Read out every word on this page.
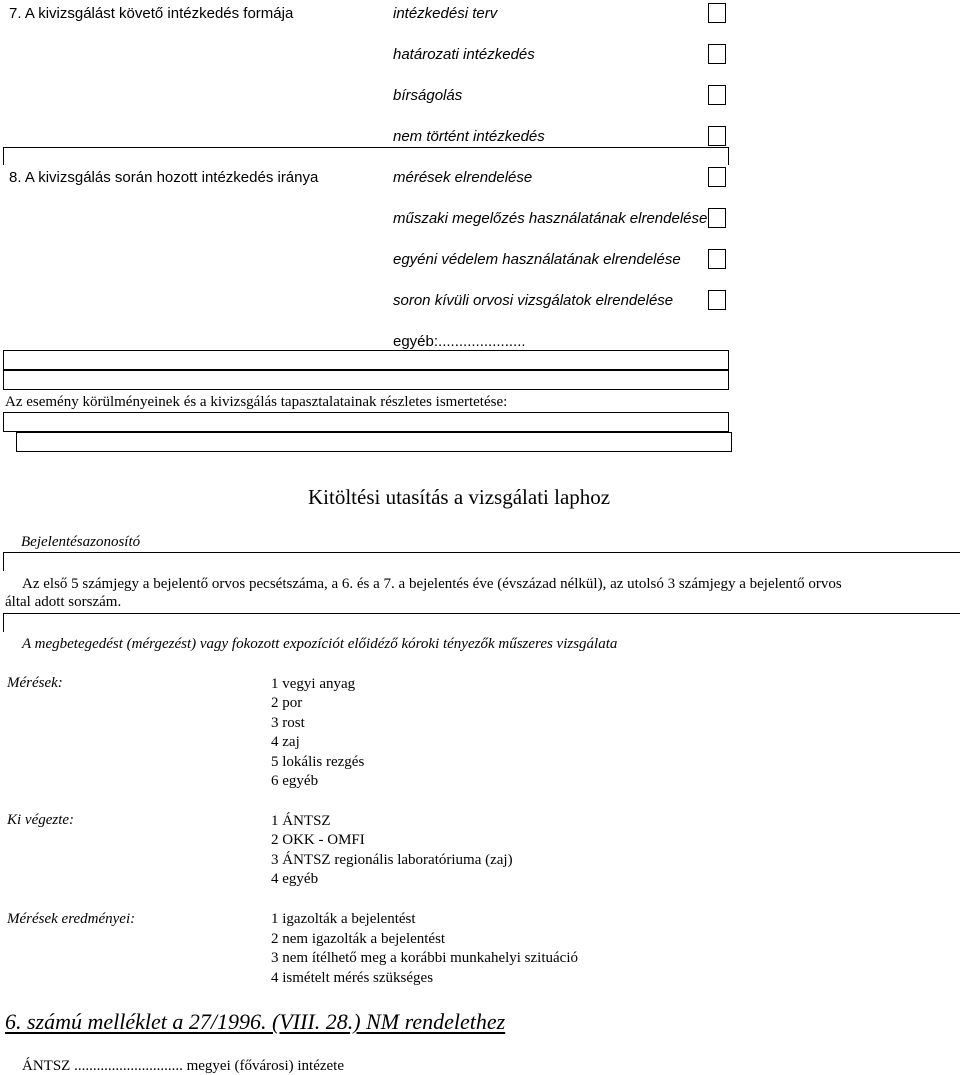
7. A kivizsgálást követő intézkedés formája	intézkedési terv
határozati intézkedés
bírságolás
nem történt intézkedés
8. A kivizsgálás során hozott intézkedés iránya	mérések elrendelése
műszaki megelőzés használatának elrendelése
egyéni védelem használatának elrendelése
soron kívüli orvosi vizsgálatok elrendelése
egyéb:.....................
Az esemény körülményeinek és a kivizsgálás tapasztalatainak részletes ismertetése:
Kitöltési utasítás a vizsgálati laphoz
Bejelentésazonosító
Az első 5 számjegy a bejelentő orvos pecsétszáma, a 6. és a 7. a bejelentés éve (évszázad nélkül), az utolsó 3 számjegy a bejelentő orvos
által adott sorszám.
A megbetegedést (mérgezést) vagy fokozott expozíciót előidéző kóroki tényezők műszeres vizsgálata
Mérések:	1 vegyi anyag
2 por
3 rost
4 zaj
5 lokális rezgés
6 egyéb
Ki végezte:	1 ÁNTSZ
2 OKK - OMFI
3 ÁNTSZ regionális laboratóriuma (zaj)
4 egyéb
Mérések eredményei:	1 igazolták a bejelentést
2 nem igazolták a bejelentést
3 nem ítélhető meg a korábbi munkahelyi szituáció
4 ismételt mérés szükséges
6. számú melléklet a 27/1996. (VIII. 28.) NM rendelethez
ÁNTSZ ............................. megyei (fővárosi) intézete
